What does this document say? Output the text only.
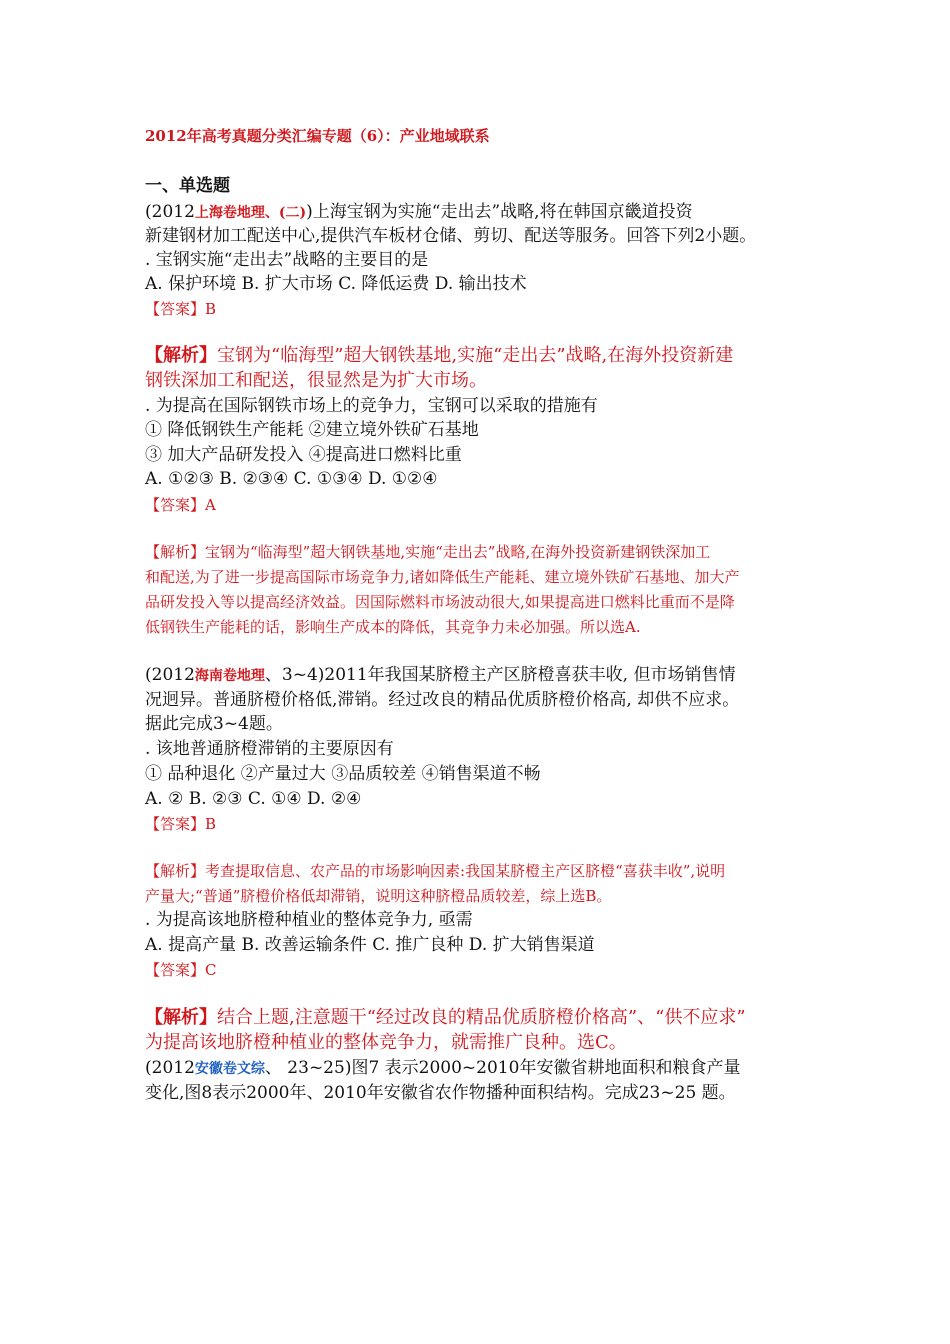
2012年高考真题分类汇编专题（6）：产业地域联系
一、单选题
(2012上海卷地理、(二))上海宝钢为实施“走出去”战略,将在韩国京畿道投资
新建钢材加工配送中心,提供汽车板材仓储、剪切、配送等服务。回答下列2小题。
. 宝钢实施“走出去”战略的主要目的是
A. 保护环境 B. 扩大市场 C. 降低运费 D. 输出技术
【答案】B
【解析】宝钢为“临海型”超大钢铁基地,实施“走出去”战略,在海外投资新建
钢铁深加工和配送，很显然是为扩大市场。
. 为提高在国际钢铁市场上的竞争力，宝钢可以采取的措施有
① 降低钢铁生产能耗 ②建立境外铁矿石基地
③ 加大产品研发投入 ④提高进口燃料比重
A. ①②③ B. ②③④ C. ①③④ D. ①②④
【答案】A
【解析】宝钢为“临海型”超大钢铁基地,实施“走出去”战略,在海外投资新建钢铁深加工
和配送,为了进一步提高国际市场竞争力,诸如降低生产能耗、建立境外铁矿石基地、加大产
品研发投入等以提高经济效益。因国际燃料市场波动很大,如果提高进口燃料比重而不是降
低钢铁生产能耗的话，影响生产成本的降低，其竞争力未必加强。所以选A.
(2012海南卷地理、3~4)2011年我国某脐橙主产区脐橙喜获丰收, 但市场销售情
况迥异。普通脐橙价格低,滞销。经过改良的精品优质脐橙价格高, 却供不应求。
据此完成3~4题。
. 该地普通脐橙滞销的主要原因有
① 品种退化 ②产量过大 ③品质较差 ④销售渠道不畅
A. ② B. ②③ C. ①④ D. ②④
【答案】B
【解析】考查提取信息、农产品的市场影响因素:我国某脐橙主产区脐橙“喜获丰收”,说明
产量大;“普通”脐橙价格低却滞销，说明这种脐橙品质较差，综上选B。
. 为提高该地脐橙种植业的整体竞争力, 亟需
A. 提高产量 B. 改善运输条件 C. 推广良种 D. 扩大销售渠道
【答案】C
【解析】结合上题,注意题干“经过改良的精品优质脐橙价格高”、“供不应求”
为提高该地脐橙种植业的整体竞争力，就需推广良种。选C。
(2012安徽卷文综、 23~25)图7 表示2000~2010年安徽省耕地面积和粮食产量
变化,图8表示2000年、2010年安徽省农作物播种面积结构。完成23~25 题。
